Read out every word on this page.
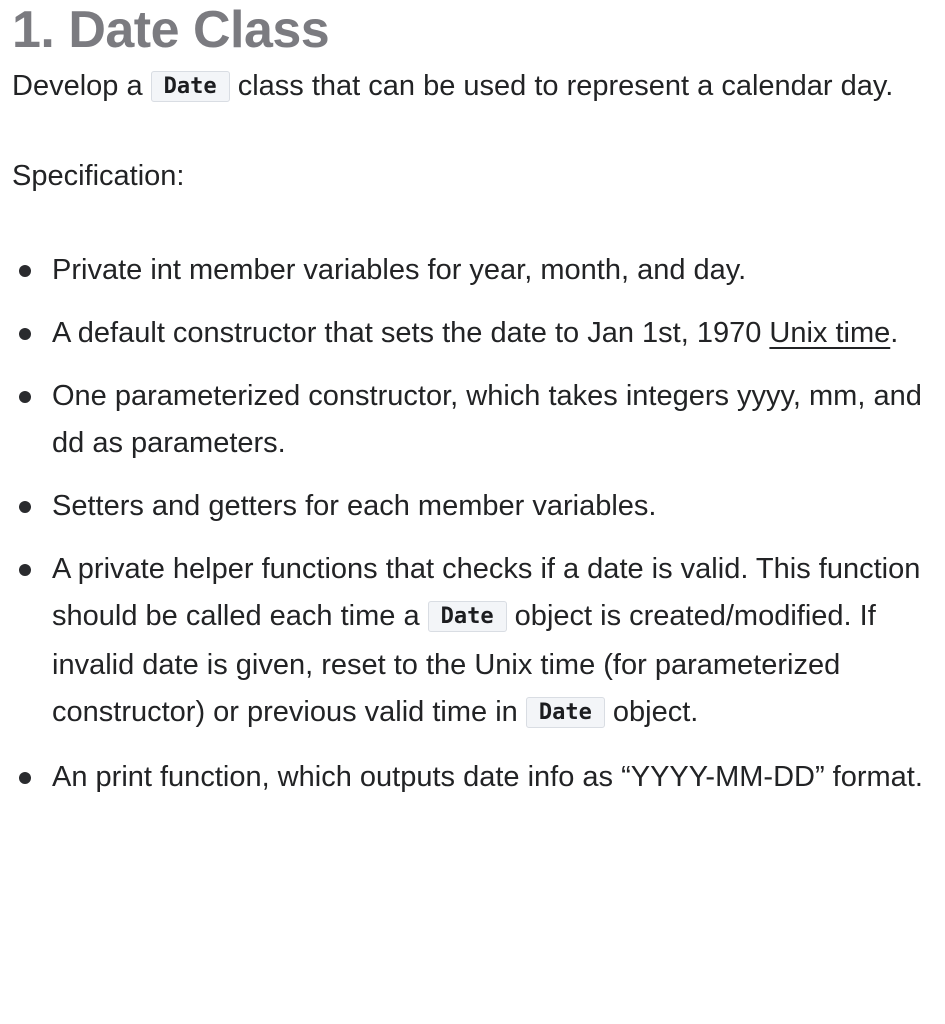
1. Date Class

Develop a Date class that can be used to represent a calendar day.

Specification:

Private int member variables for year, month, and day.
A default constructor that sets the date to Jan 1st, 1970 Unix time.
One parameterized constructor, which takes integers yyyy, mm, and dd as parameters.
Setters and getters for each member variables.
A private helper functions that checks if a date is valid. This function should be called each time a Date object is created/modified. If invalid date is given, reset to the Unix time (for parameterized constructor) or previous valid time in Date object.
An print function, which outputs date info as “YYYY-MM-DD” format.
